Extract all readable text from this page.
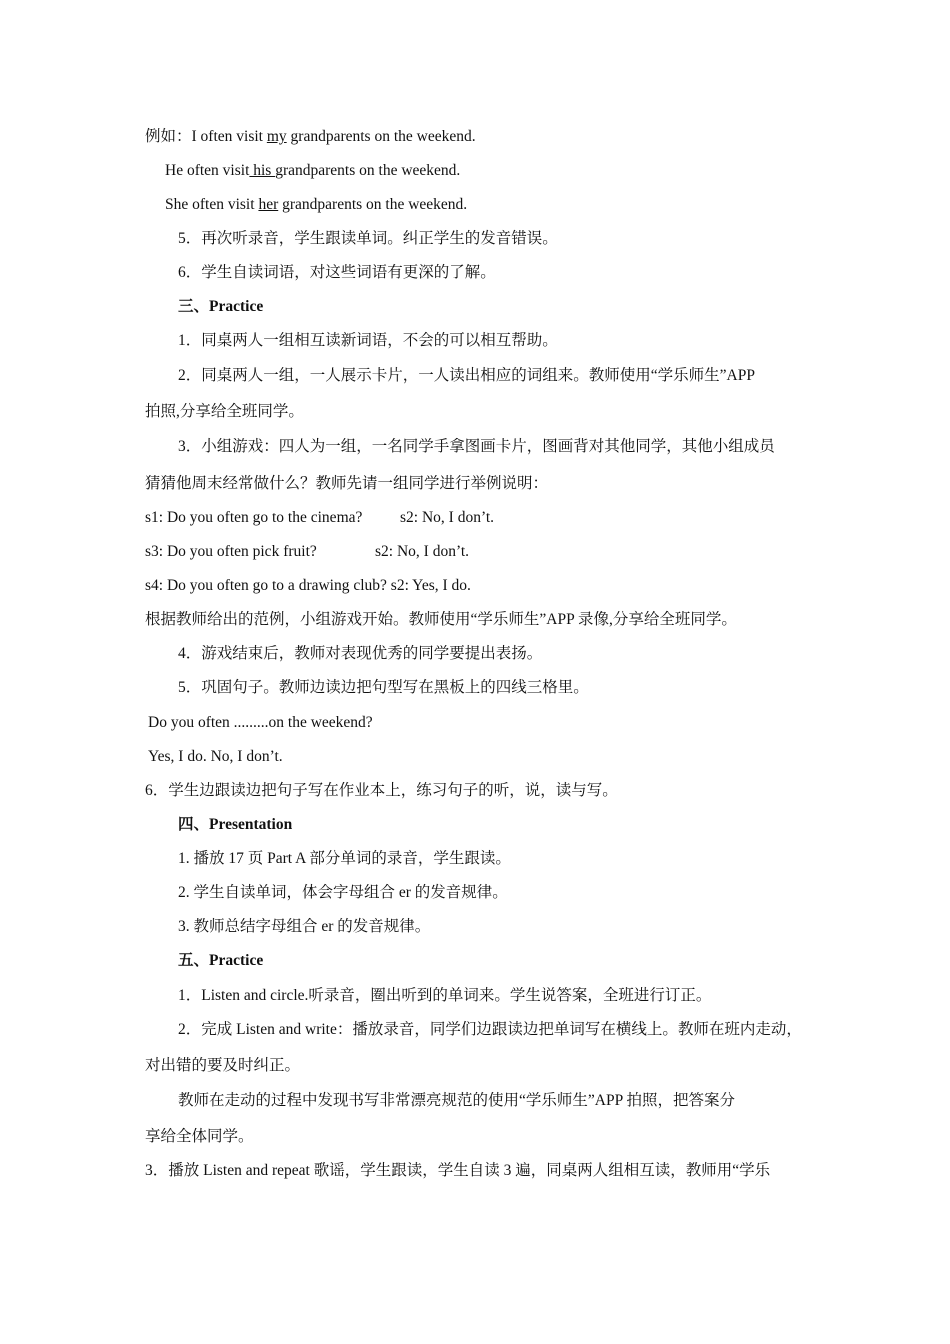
例如：I often visit my grandparents on the weekend.
He often visit his grandparents on the weekend.
She often visit her grandparents on the weekend.
5．再次听录音，学生跟读单词。纠正学生的发音错误。
6．学生自读词语，对这些词语有更深的了解。
三、Practice
1．同桌两人一组相互读新词语，不会的可以相互帮助。
2．同桌两人一组，一人展示卡片，一人读出相应的词组来。教师使用“学乐师生”APP
拍照,分享给全班同学。
3．小组游戏：四人为一组，一名同学手拿图画卡片，图画背对其他同学，其他小组成员
猜猜他周末经常做什么？教师先请一组同学进行举例说明：
s1: Do you often go to the cinema? s2: No, I don’t.
s3: Do you often pick fruit?	s2: No, I don’t.
s4: Do you often go to a drawing club? s2: Yes, I do.
根据教师给出的范例，小组游戏开始。教师使用“学乐师生”APP 录像,分享给全班同学。
4．游戏结束后，教师对表现优秀的同学要提出表扬。
5．巩固句子。教师边读边把句型写在黑板上的四线三格里。
Do you often .........on the weekend?
Yes, I do. No, I don’t.
6．学生边跟读边把句子写在作业本上，练习句子的听，说，读与写。
四、Presentation
1. 播放 17 页 Part A 部分单词的录音，学生跟读。
2. 学生自读单词，体会字母组合 er 的发音规律。
3. 教师总结字母组合 er 的发音规律。
五、Practice
1．Listen and circle.听录音，圈出听到的单词来。学生说答案，全班进行订正。
2．完成 Listen and write：播放录音，同学们边跟读边把单词写在横线上。教师在班内走动，
对出错的要及时纠正。
教师在走动的过程中发现书写非常漂亮规范的使用“学乐师生”APP 拍照，把答案分
享给全体同学。
3．播放 Listen and repeat 歌谣，学生跟读，学生自读 3 遍，同桌两人组相互读，教师用“学乐
